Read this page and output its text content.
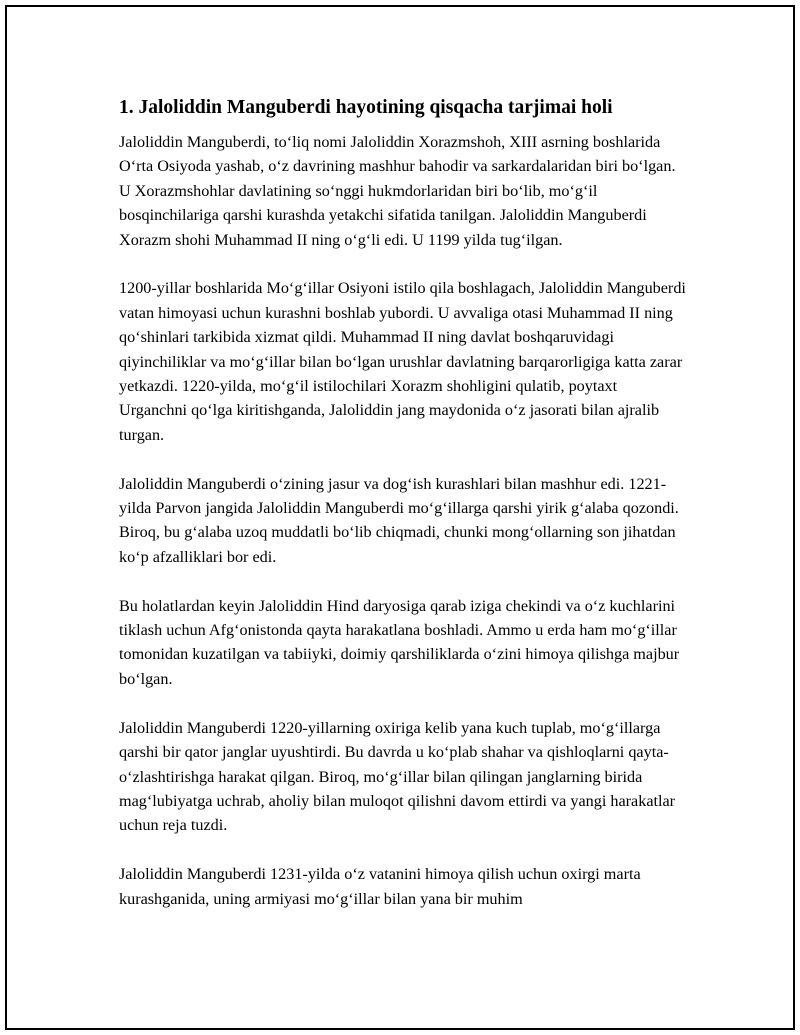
1. Jaloliddin Manguberdi hayotining qisqacha tarjimai holi

Jaloliddin Manguberdi, to‘liq nomi Jaloliddin Xorazmshoh, XIII asrning boshlarida O‘rta Osiyoda yashab, o‘z davrining mashhur bahodir va sarkardalaridan biri bo‘lgan. U Xorazmshohlar davlatining so‘nggi hukmdorlaridan biri bo‘lib, mo‘g‘il bosqinchilariga qarshi kurashda yetakchi sifatida tanilgan. Jaloliddin Manguberdi Xorazm shohi Muhammad II ning o‘g‘li edi. U 1199 yilda tug‘ilgan.

1200-yillar boshlarida Mo‘g‘illar Osiyoni istilo qila boshlagach, Jaloliddin Manguberdi vatan himoyasi uchun kurashni boshlab yubordi. U avvaliga otasi Muhammad II ning qo‘shinlari tarkibida xizmat qildi. Muhammad II ning davlat boshqaruvidagi qiyinchiliklar va mo‘g‘illar bilan bo‘lgan urushlar davlatning barqarorligiga katta zarar yetkazdi. 1220-yilda, mo‘g‘il istilochilari Xorazm shohligini qulatib, poytaxt Urganchni qo‘lga kiritishganda, Jaloliddin jang maydonida o‘z jasorati bilan ajralib turgan.

Jaloliddin Manguberdi o‘zining jasur va dog‘ish kurashlari bilan mashhur edi. 1221-yilda Parvon jangida Jaloliddin Manguberdi mo‘g‘illarga qarshi yirik g‘alaba qozondi. Biroq, bu g‘alaba uzoq muddatli bo‘lib chiqmadi, chunki mong‘ollarning son jihatdan ko‘p afzalliklari bor edi.

Bu holatlardan keyin Jaloliddin Hind daryosiga qarab iziga chekindi va o‘z kuchlarini tiklash uchun Afg‘onistonda qayta harakatlana boshladi. Ammo u erda ham mo‘g‘illar tomonidan kuzatilgan va tabiiyki, doimiy qarshiliklarda o‘zini himoya qilishga majbur bo‘lgan.

Jaloliddin Manguberdi 1220-yillarning oxiriga kelib yana kuch tuplab, mo‘g‘illarga qarshi bir qator janglar uyushtirdi. Bu davrda u ko‘plab shahar va qishloqlarni qayta-o‘zlashtirishga harakat qilgan. Biroq, mo‘g‘illar bilan qilingan janglarning birida mag‘lubiyatga uchrab, aholiy bilan muloqot qilishni davom ettirdi va yangi harakatlar uchun reja tuzdi.

Jaloliddin Manguberdi 1231-yilda o‘z vatanini himoya qilish uchun oxirgi marta kurashganida, uning armiyasi mo‘g‘illar bilan yana bir muhim
